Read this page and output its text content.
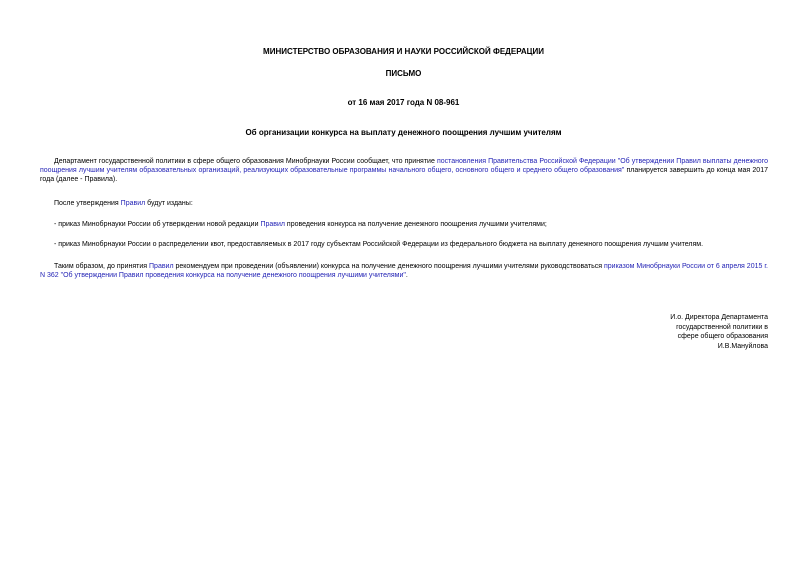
МИНИСТЕРСТВО ОБРАЗОВАНИЯ И НАУКИ РОССИЙСКОЙ ФЕДЕРАЦИИ
ПИСЬМО
от 16 мая 2017 года N 08-961
Об организации конкурса на выплату денежного поощрения лучшим учителям
Департамент государственной политики в сфере общего образования Минобрнауки России сообщает, что принятие постановления Правительства Российской Федерации "Об утверждении Правил выплаты денежного поощрения лучшим учителям образовательных организаций, реализующих образовательные программы начального общего, основного общего и среднего общего образования" планируется завершить до конца мая 2017 года (далее - Правила).
После утверждения Правил будут изданы:
- приказ Минобрнауки России об утверждении новой редакции Правил проведения конкурса на получение денежного поощрения лучшими учителями;
- приказ Минобрнауки России о распределении квот, предоставляемых в 2017 году субъектам Российской Федерации из федерального бюджета на выплату денежного поощрения лучшим учителям.
Таким образом, до принятия Правил рекомендуем при проведении (объявлении) конкурса на получение денежного поощрения лучшими учителями руководствоваться приказом Минобрнауки России от 6 апреля 2015 г. N 362 "Об утверждении Правил проведения конкурса на получение денежного поощрения лучшими учителями".
И.о. Директора Департамента
государственной политики в
сфере общего образования
И.В.Мануйлова
